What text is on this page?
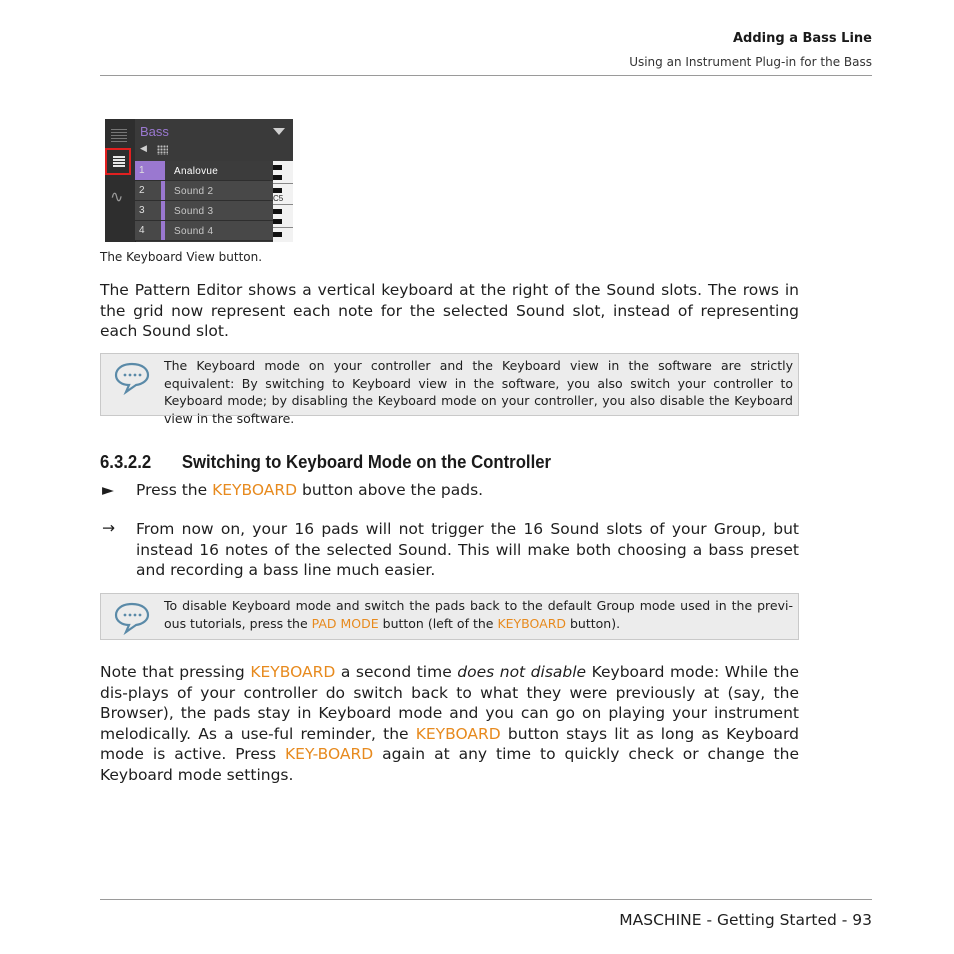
Adding a Bass Line
Using an Instrument Plug-in for the Bass
∿
Bass
◀
1	Analovue
2	Sound 2
3	Sound 3
4	Sound 4
C5
The Keyboard View button.
The Pattern Editor shows a vertical keyboard at the right of the Sound slots. The rows in the grid now represent each note for the selected Sound slot, instead of representing each Sound slot.
The Keyboard mode on your controller and the Keyboard view in the software are strictly equivalent: By switching to Keyboard view in the software, you also switch your controller to Keyboard mode; by disabling the Keyboard mode on your controller, you also disable the Keyboard view in the software.
6.3.2.2 Switching to Keyboard Mode on the Controller
► Press the KEYBOARD button above the pads.
→ From now on, your 16 pads will not trigger the 16 Sound slots of your Group, but instead 16 notes of the selected Sound. This will make both choosing a bass preset and recording a bass line much easier.
To disable Keyboard mode and switch the pads back to the default Group mode used in the previ-ous tutorials, press the PAD MODE button (left of the KEYBOARD button).
Note that pressing KEYBOARD a second time does not disable Keyboard mode: While the dis-plays of your controller do switch back to what they were previously at (say, the Browser), the pads stay in Keyboard mode and you can go on playing your instrument melodically. As a use-ful reminder, the KEYBOARD button stays lit as long as Keyboard mode is active. Press KEY-BOARD again at any time to quickly check or change the Keyboard mode settings.
MASCHINE - Getting Started - 93
